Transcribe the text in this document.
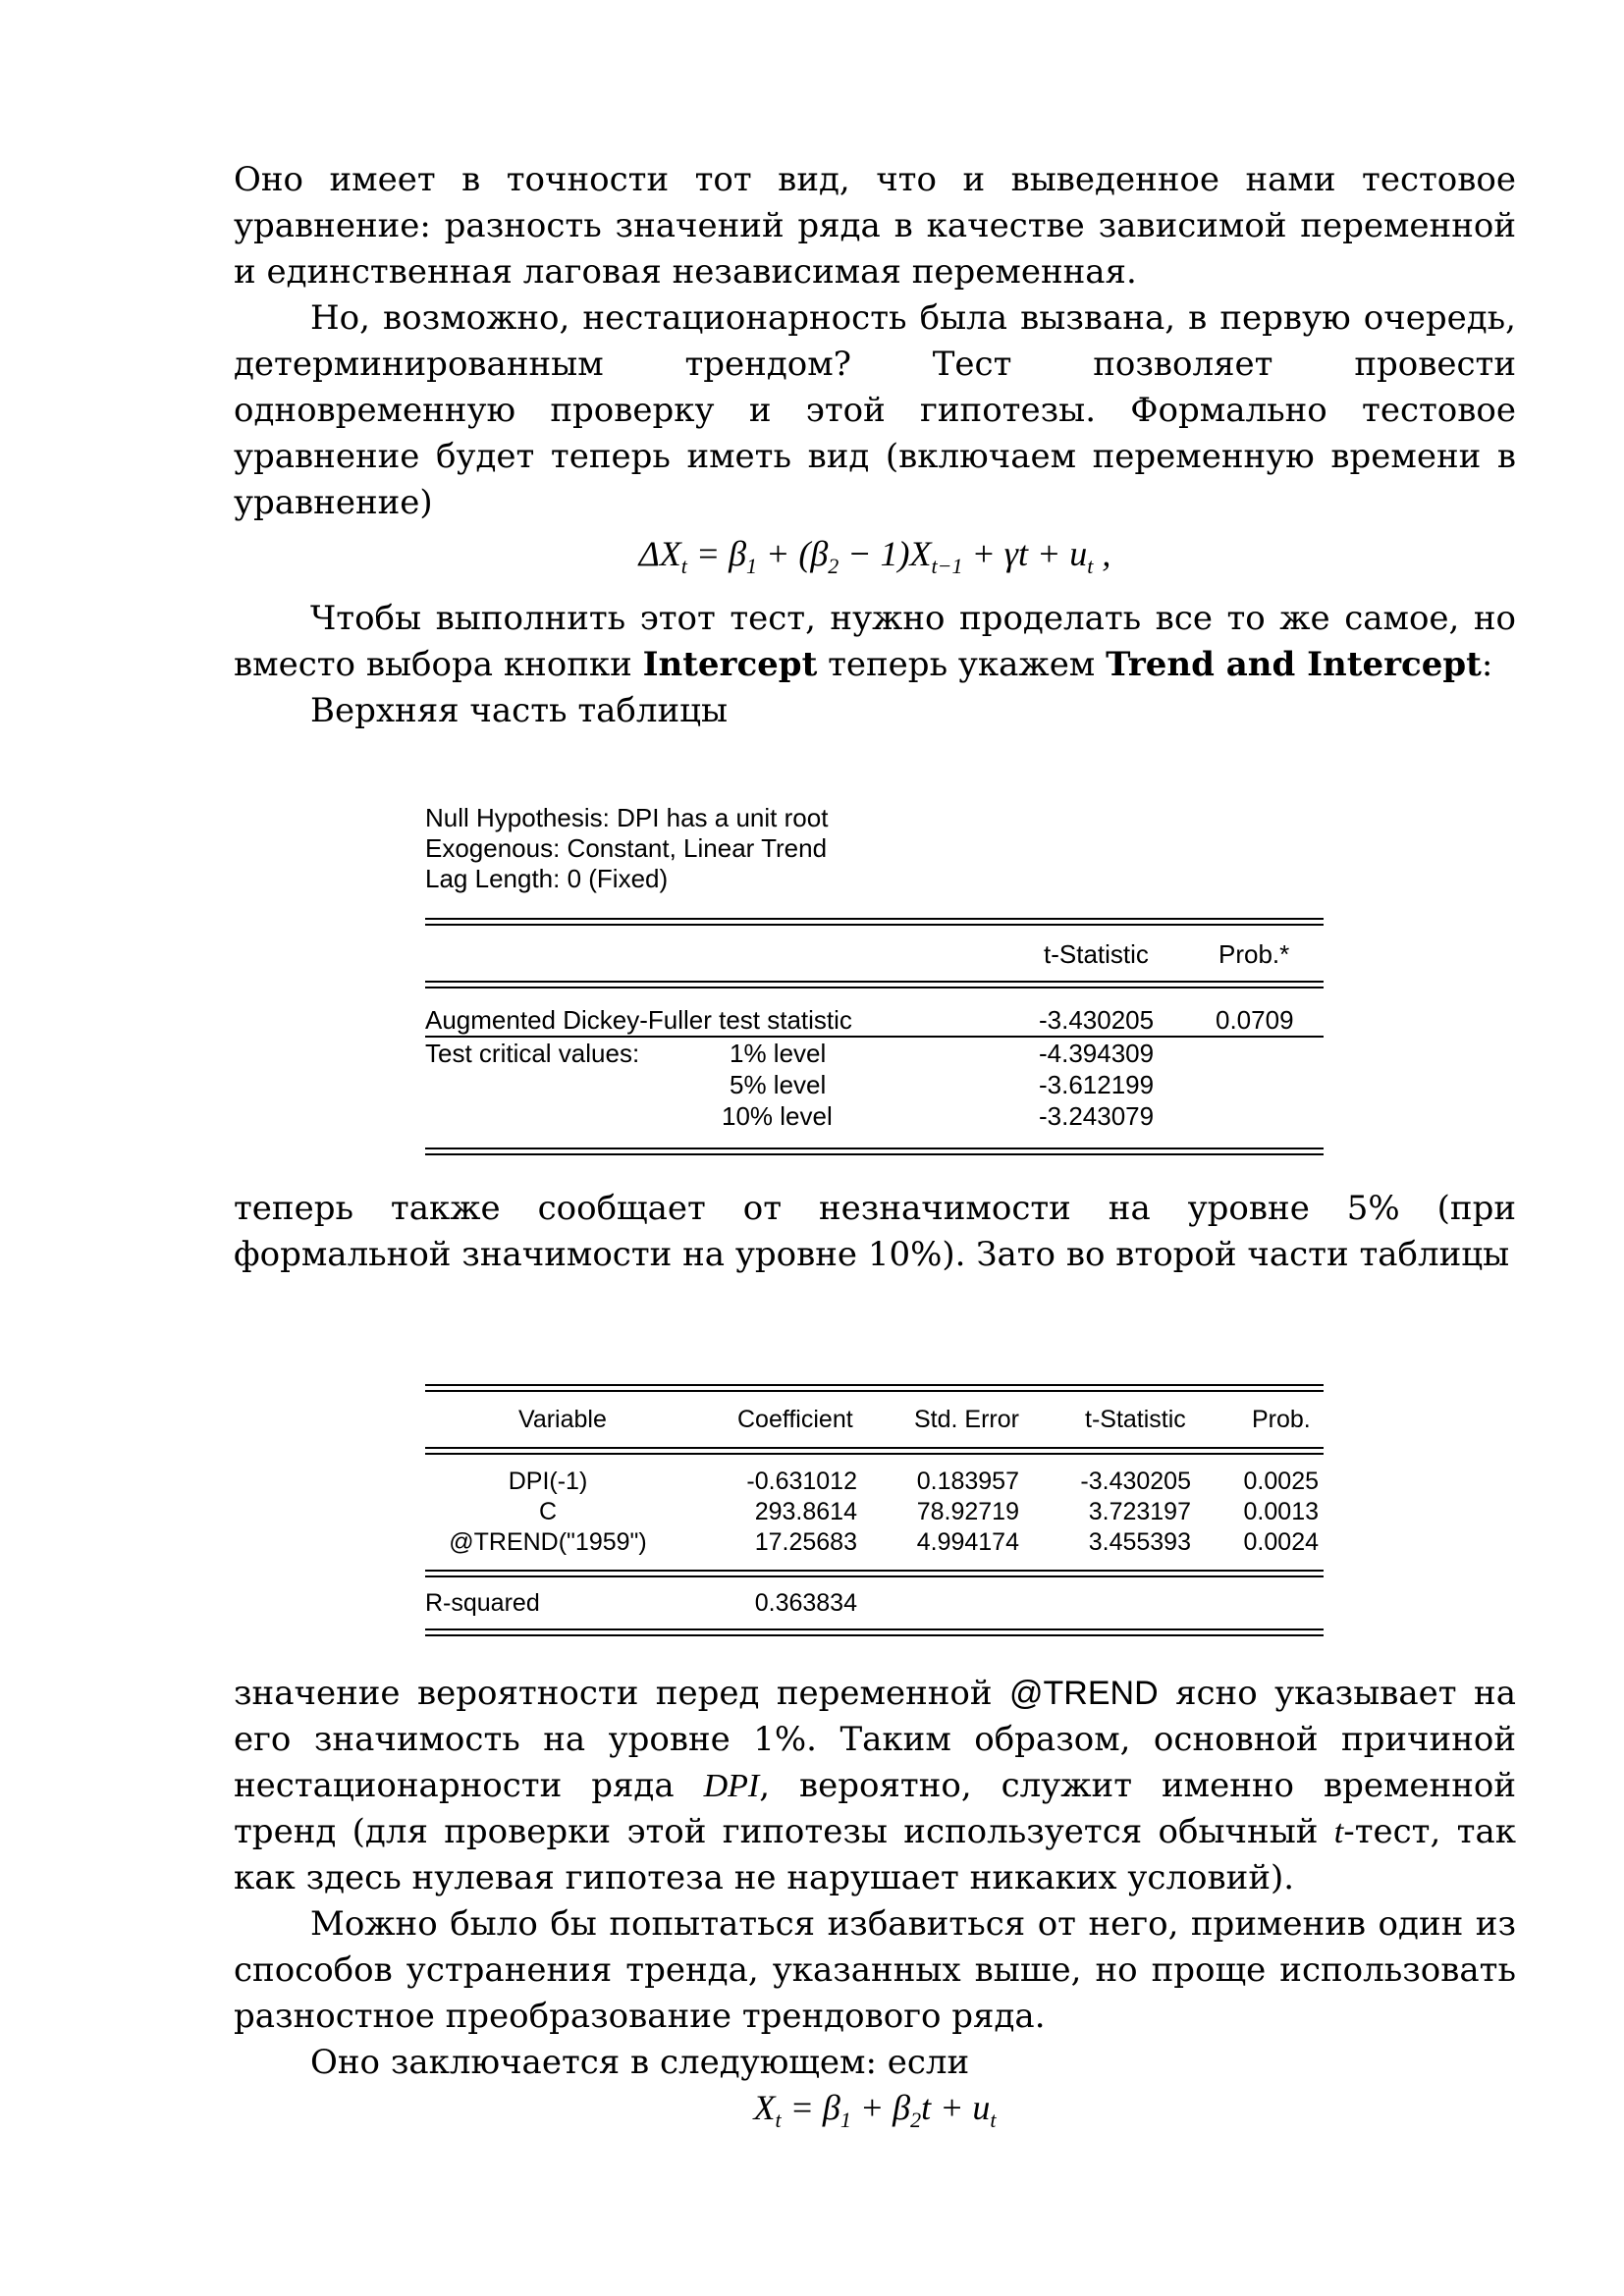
Оно имеет в точности тот вид, что и выведенное нами тестовое уравнение: разность значений ряда в качестве зависимой переменной и единственная лаговая независимая переменная.

Но, возможно, нестационарность была вызвана, в первую очередь, детерминированным трендом? Тест позволяет провести одновременную проверку и этой гипотезы. Формально тестовое уравнение будет теперь иметь вид (включаем переменную времени в уравнение)

$\Delta X_t = \beta_1 + (\beta_2 - 1)X_{t-1} + \gamma t + u_t$ ,

Чтобы выполнить этот тест, нужно проделать все то же самое, но вместо выбора кнопки Intercept теперь укажем Trend and Intercept:

Верхняя часть таблицы

Null Hypothesis: DPI has a unit root
Exogenous: Constant, Linear Trend
Lag Length: 0 (Fixed)
t-Statistic	Prob.*
Augmented Dickey-Fuller test statistic	-3.430205 0.0709
Test critical values:	1% level	-4.394309
5% level	-3.612199
10% level	-3.243079

теперь также сообщает от незначимости на уровне 5% (при формальной значимости на уровне 10%). Зато во второй части таблицы

Variable	Coefficient Std. Error	t-Statistic	Prob.
DPI(-1)	-0.631012	0.183957	-3.430205	0.0025
C	293.8614	78.92719	3.723197	0.0013
@TREND("1959")	17.25683	4.994174	3.455393	0.0024
R-squared	0.363834

значение вероятности перед переменной @TREND ясно указывает на его значимость на уровне 1%. Таким образом, основной причиной нестационарности ряда DPI, вероятно, служит именно временной тренд (для проверки этой гипотезы используется обычный t-тест, так как здесь нулевая гипотеза не нарушает никаких условий).

Можно было бы попытаться избавиться от него, применив один из способов устранения тренда, указанных выше, но проще использовать разностное преобразование трендового ряда.

Оно заключается в следующем: если

$X_t = \beta_1 + \beta_2t + u_t$
